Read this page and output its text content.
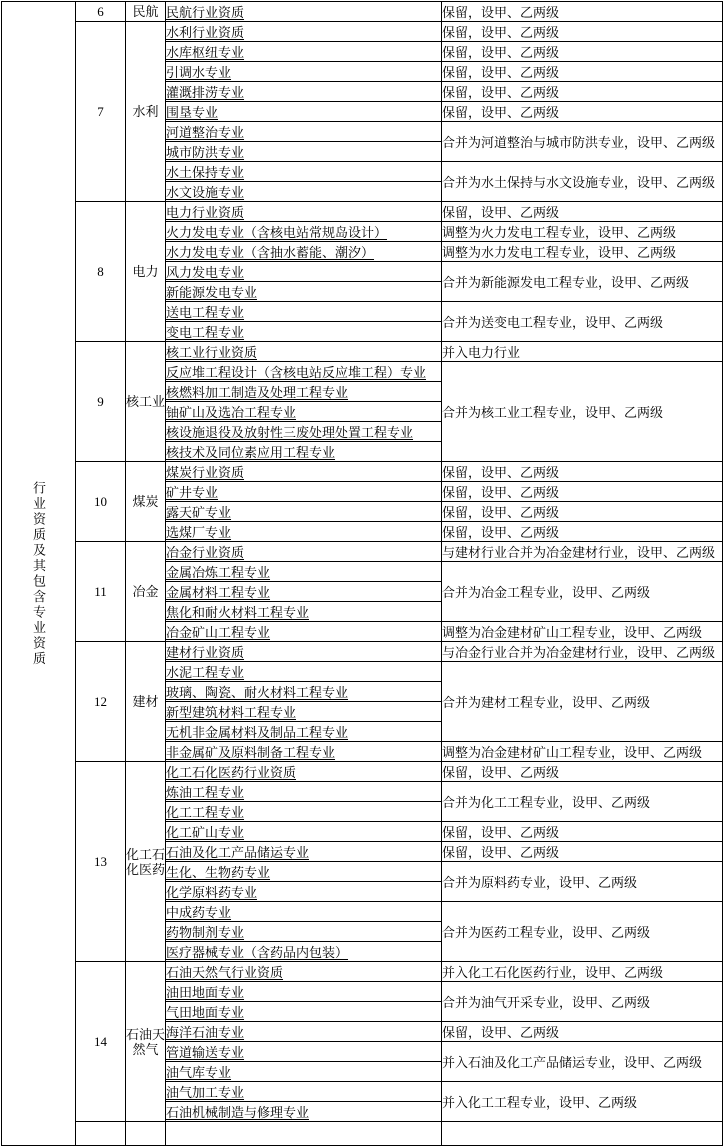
行业资质及其包含专业资质	6	民航	民航行业资质	保留，设甲、乙两级
	7	水利	水利行业资质	保留，设甲、乙两级
			水库枢纽专业	保留，设甲、乙两级
			引调水专业	保留，设甲、乙两级
			灌溉排涝专业	保留，设甲、乙两级
			围垦专业	保留，设甲、乙两级
			河道整治专业	合并为河道整治与城市防洪专业，设甲、乙两级
			城市防洪专业	
			水土保持专业	合并为水土保持与水文设施专业，设甲、乙两级
			水文设施专业	
	8	电力	电力行业资质	保留，设甲、乙两级
			火力发电专业（含核电站常规岛设计）	调整为火力发电工程专业，设甲、乙两级
			水力发电专业（含抽水蓄能、潮汐）	调整为水力发电工程专业，设甲、乙两级
			风力发电专业	合并为新能源发电工程专业，设甲、乙两级
			新能源发电专业	
			送电工程专业	合并为送变电工程专业，设甲、乙两级
			变电工程专业	
	9	核工业	核工业行业资质	并入电力行业
			反应堆工程设计（含核电站反应堆工程）专业	合并为核工业工程专业，设甲、乙两级
			核燃料加工制造及处理工程专业	
			铀矿山及选冶工程专业	
			核设施退役及放射性三废处理处置工程专业	
			核技术及同位素应用工程专业	
	10	煤炭	煤炭行业资质	保留，设甲、乙两级
			矿井专业	保留，设甲、乙两级
			露天矿专业	保留，设甲、乙两级
			选煤厂专业	保留，设甲、乙两级
	11	冶金	冶金行业资质	与建材行业合并为冶金建材行业，设甲、乙两级
			金属冶炼工程专业	合并为冶金工程专业，设甲、乙两级
			金属材料工程专业	
			焦化和耐火材料工程专业	
			冶金矿山工程专业	调整为冶金建材矿山工程专业，设甲、乙两级
	12	建材	建材行业资质	与冶金行业合并为冶金建材行业，设甲、乙两级
			水泥工程专业	合并为建材工程专业，设甲、乙两级
			玻璃、陶瓷、耐火材料工程专业	
			新型建筑材料工程专业	
			无机非金属材料及制品工程专业	
			非金属矿及原料制备工程专业	调整为冶金建材矿山工程专业，设甲、乙两级
	13	化工石化医药	化工石化医药行业资质	保留，设甲、乙两级
			炼油工程专业	合并为化工工程专业，设甲、乙两级
			化工工程专业	
			化工矿山专业	保留，设甲、乙两级
			石油及化工产品储运专业	保留，设甲、乙两级
			生化、生物药专业	合并为原料药专业，设甲、乙两级
			化学原料药专业	
			中成药专业	合并为医药工程专业，设甲、乙两级
			药物制剂专业	
			医疗器械专业（含药品内包装）	
	14	石油天然气	石油天然气行业资质	并入化工石化医药行业，设甲、乙两级
			油田地面专业	合并为油气开采专业，设甲、乙两级
			气田地面专业	
			海洋石油专业	保留，设甲、乙两级
			管道输送专业	并入石油及化工产品储运专业，设甲、乙两级
			油气库专业	
			油气加工专业	并入化工工程专业，设甲、乙两级
			石油机械制造与修理专业	
